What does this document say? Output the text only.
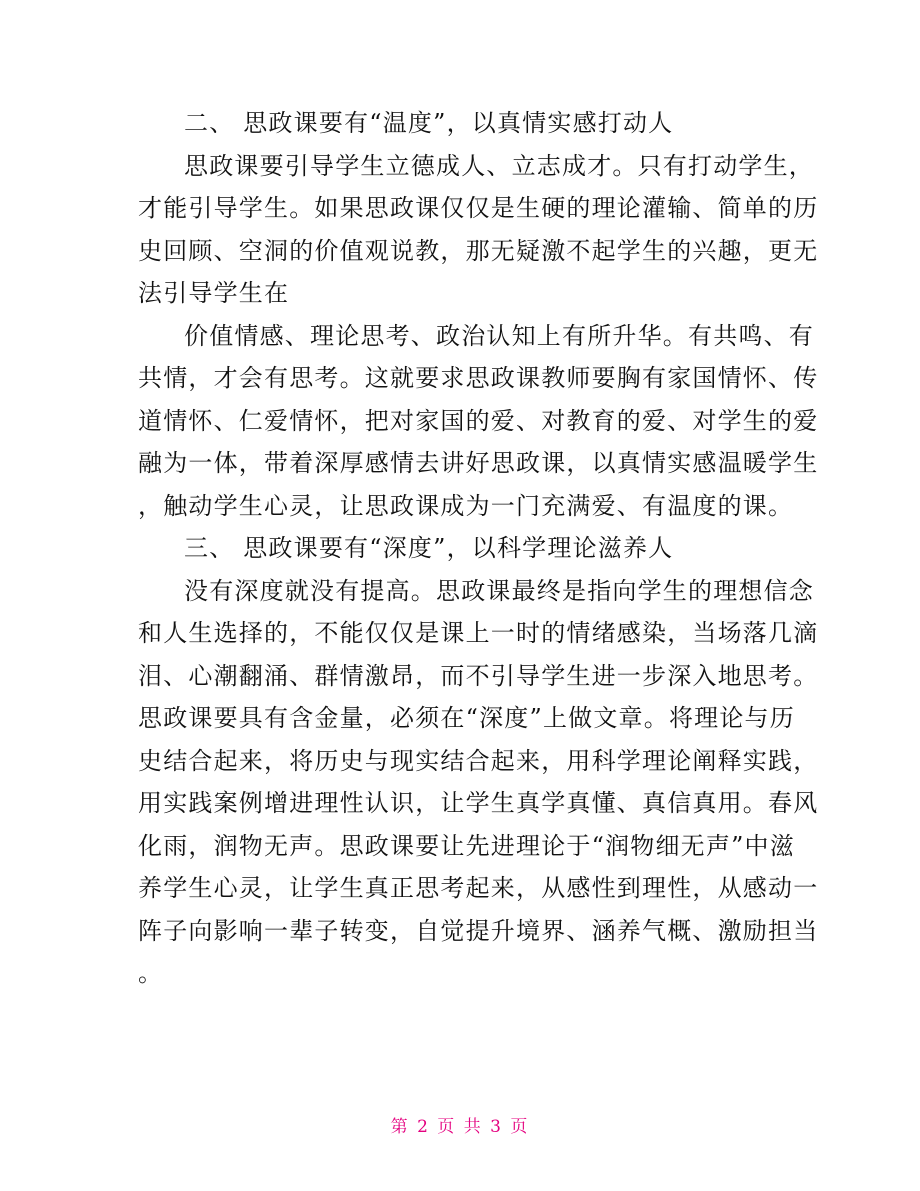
二、 思政课要有“温度”，以真情实感打动人
思政课要引导学生立德成人、立志成才。只有打动学生，
才能引导学生。如果思政课仅仅是生硬的理论灌输、简单的历
史回顾、空洞的价值观说教，那无疑激不起学生的兴趣，更无
法引导学生在
价值情感、理论思考、政治认知上有所升华。有共鸣、有
共情，才会有思考。这就要求思政课教师要胸有家国情怀、传
道情怀、仁爱情怀，把对家国的爱、对教育的爱、对学生的爱
融为一体，带着深厚感情去讲好思政课，以真情实感温暖学生
，触动学生心灵，让思政课成为一门充满爱、有温度的课。
三、 思政课要有“深度”，以科学理论滋养人
没有深度就没有提高。思政课最终是指向学生的理想信念
和人生选择的，不能仅仅是课上一时的情绪感染，当场落几滴
泪、心潮翻涌、群情激昂，而不引导学生进一步深入地思考。
思政课要具有含金量，必须在“深度”上做文章。将理论与历
史结合起来，将历史与现实结合起来，用科学理论阐释实践，
用实践案例增进理性认识，让学生真学真懂、真信真用。春风
化雨，润物无声。思政课要让先进理论于“润物细无声”中滋
养学生心灵，让学生真正思考起来，从感性到理性，从感动一
阵子向影响一辈子转变，自觉提升境界、涵养气概、激励担当
。
第 2 页 共 3 页
